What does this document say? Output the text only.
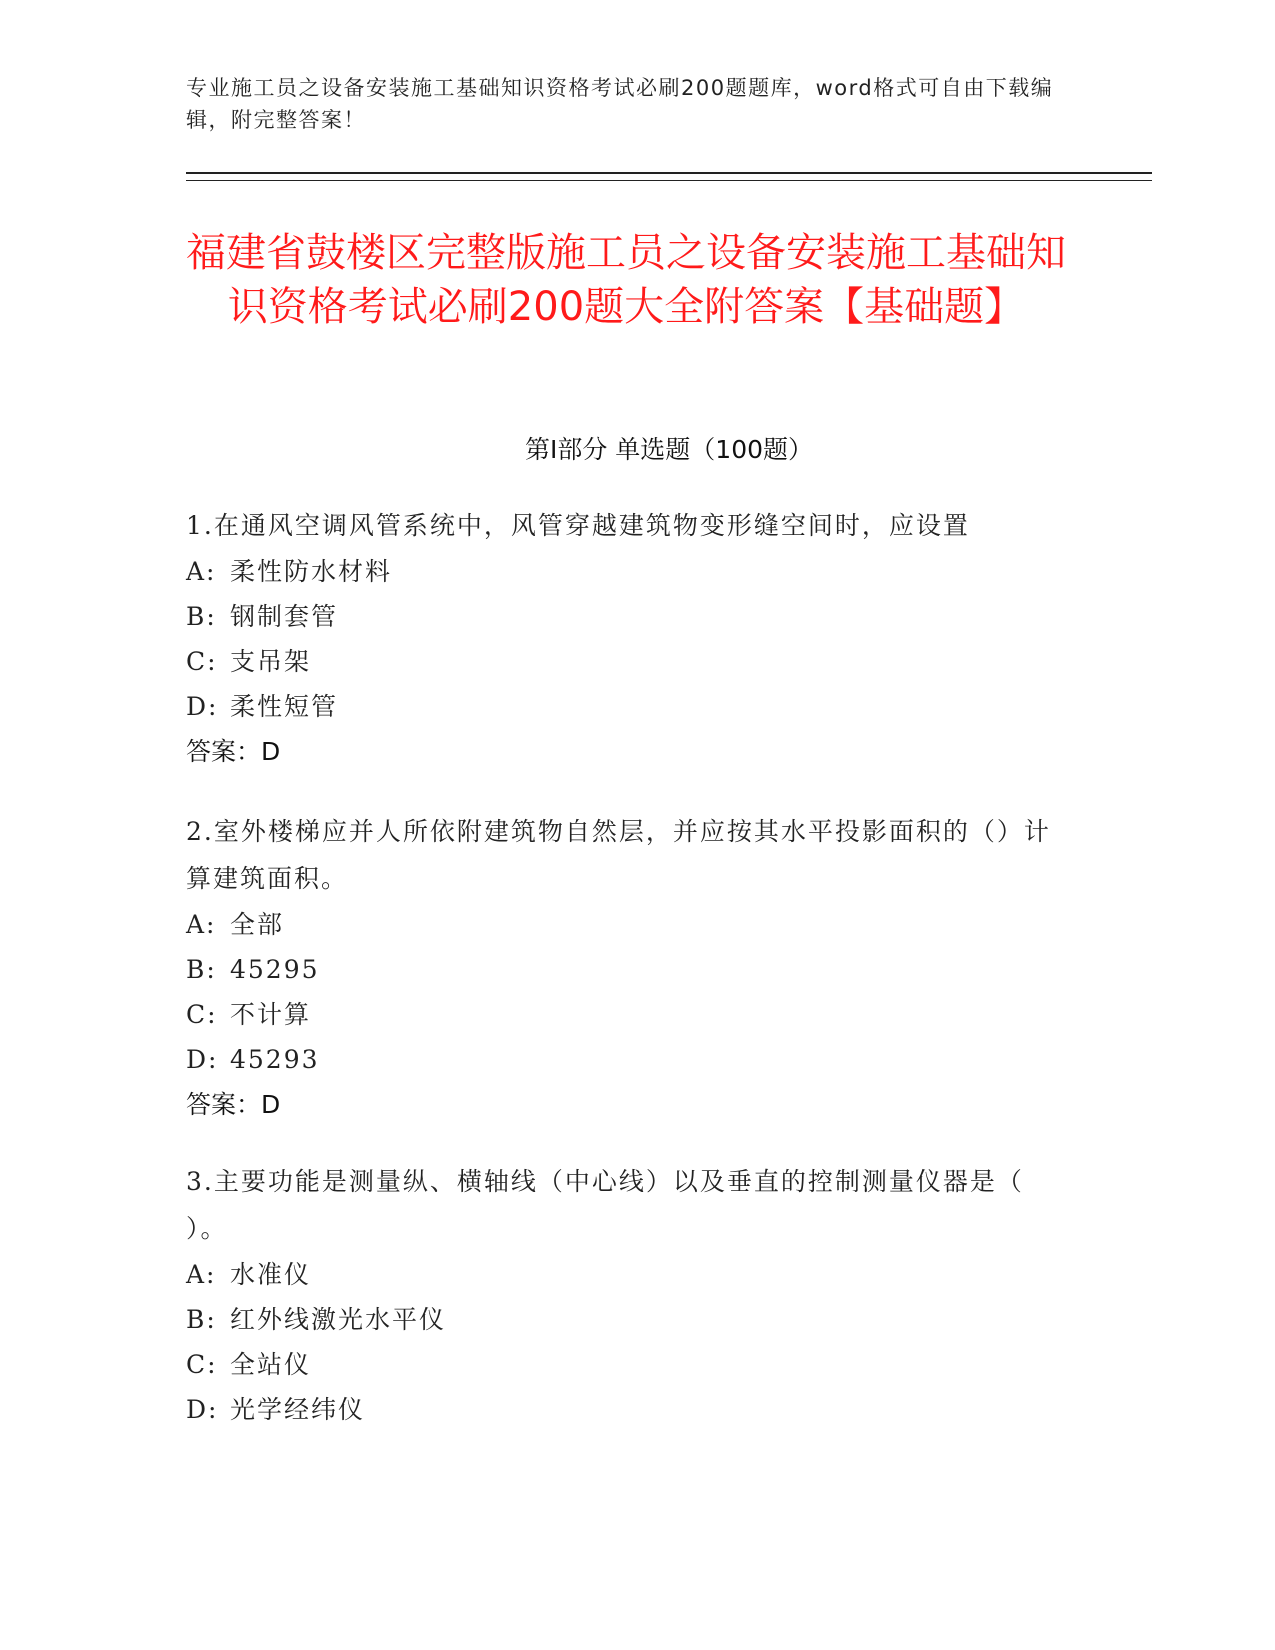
专业施工员之设备安装施工基础知识资格考试必刷200题题库，word格式可自由下载编辑，附完整答案！
福建省鼓楼区完整版施工员之设备安装施工基础知识资格考试必刷200题大全附答案【基础题】
第Ⅰ部分 单选题（100题）
1.在通风空调风管系统中，风管穿越建筑物变形缝空间时，应设置
A: 柔性防水材料
B: 钢制套管
C: 支吊架
D: 柔性短管
答案：D
2.室外楼梯应并人所依附建筑物自然层，并应按其水平投影面积的（）计算建筑面积。
A: 全部
B: 45295
C: 不计算
D: 45293
答案：D
3.主要功能是测量纵、横轴线（中心线）以及垂直的控制测量仪器是（ ）。
A: 水准仪
B: 红外线激光水平仪
C: 全站仪
D: 光学经纬仪
